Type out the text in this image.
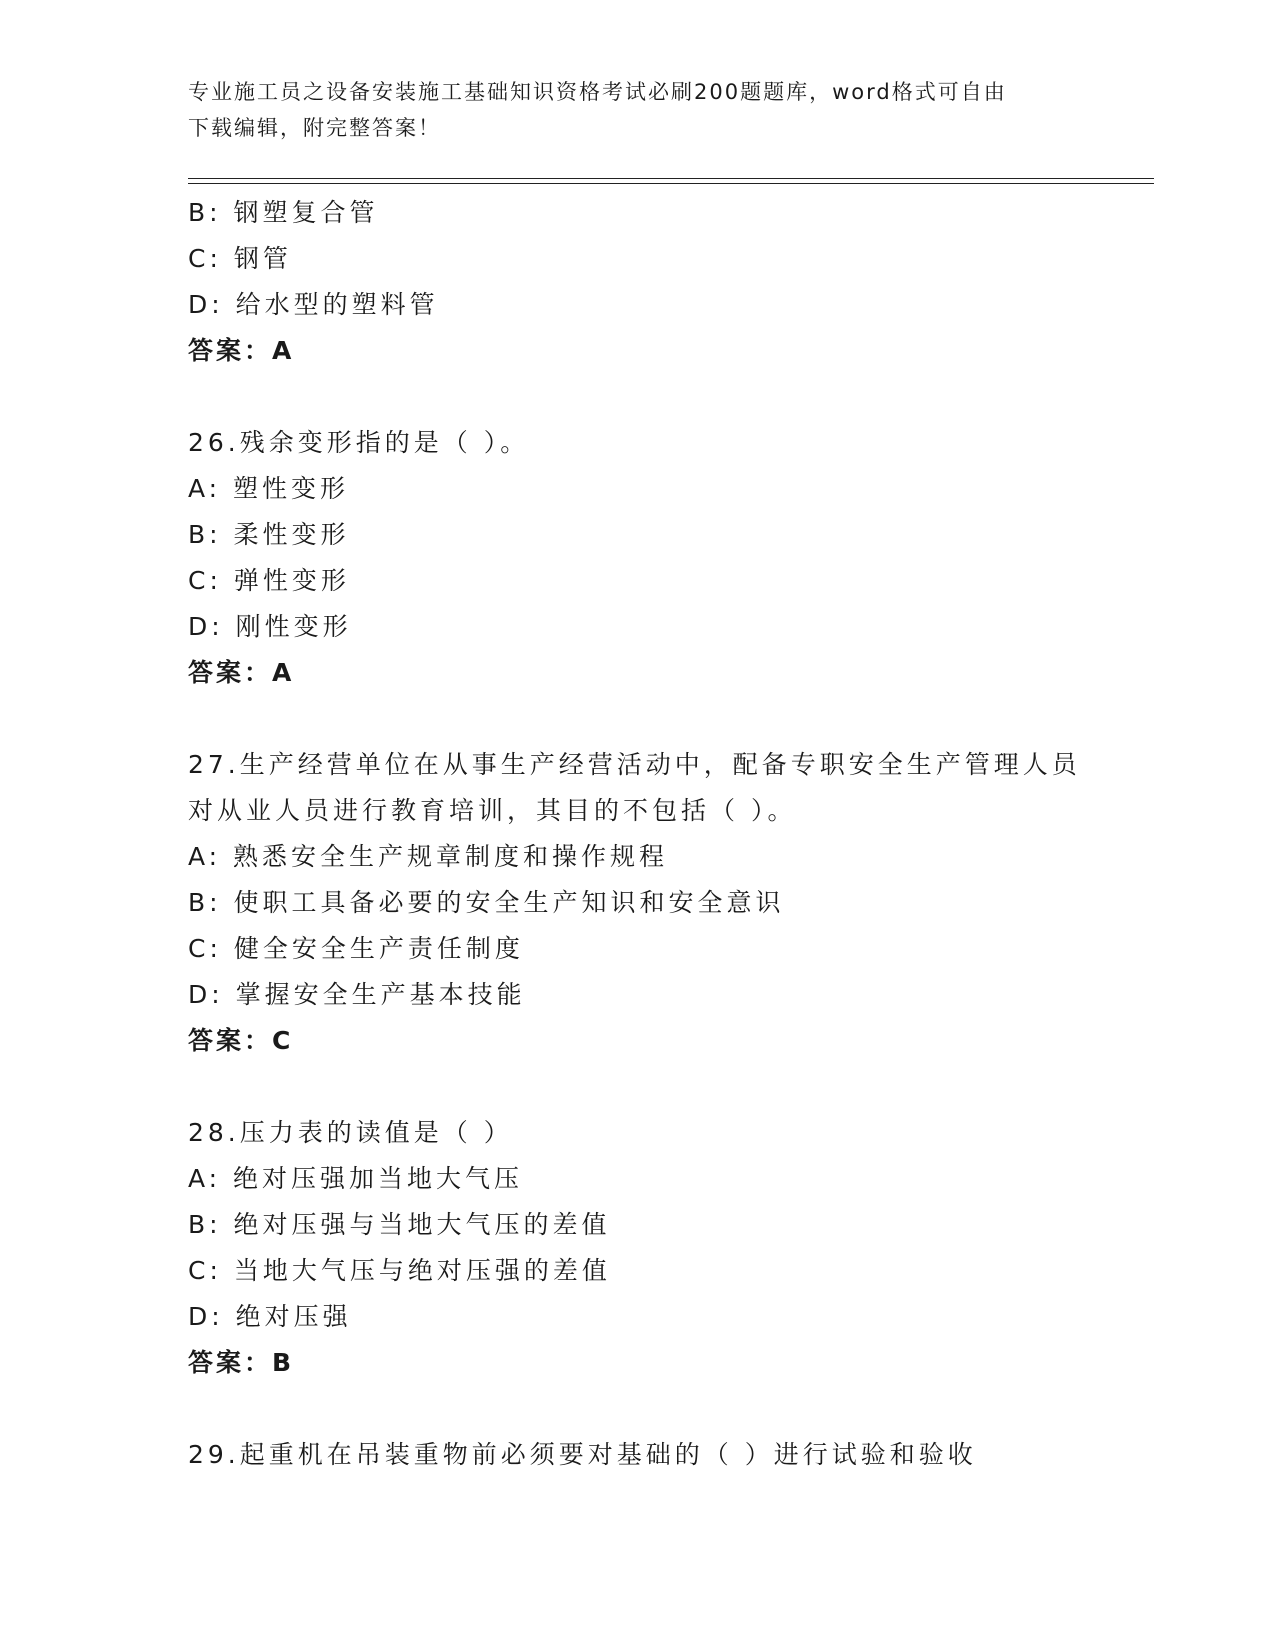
专业施工员之设备安装施工基础知识资格考试必刷200题题库，word格式可自由
下载编辑，附完整答案！
B: 钢塑复合管
C: 钢管
D: 给水型的塑料管
答案：A
26.残余变形指的是（ ）。
A: 塑性变形
B: 柔性变形
C: 弹性变形
D: 刚性变形
答案：A
27.生产经营单位在从事生产经营活动中，配备专职安全生产管理人员
对从业人员进行教育培训，其目的不包括（ ）。
A: 熟悉安全生产规章制度和操作规程
B: 使职工具备必要的安全生产知识和安全意识
C: 健全安全生产责任制度
D: 掌握安全生产基本技能
答案：C
28.压力表的读值是（ ）
A: 绝对压强加当地大气压
B: 绝对压强与当地大气压的差值
C: 当地大气压与绝对压强的差值
D: 绝对压强
答案：B
29.起重机在吊装重物前必须要对基础的（ ）进行试验和验收
